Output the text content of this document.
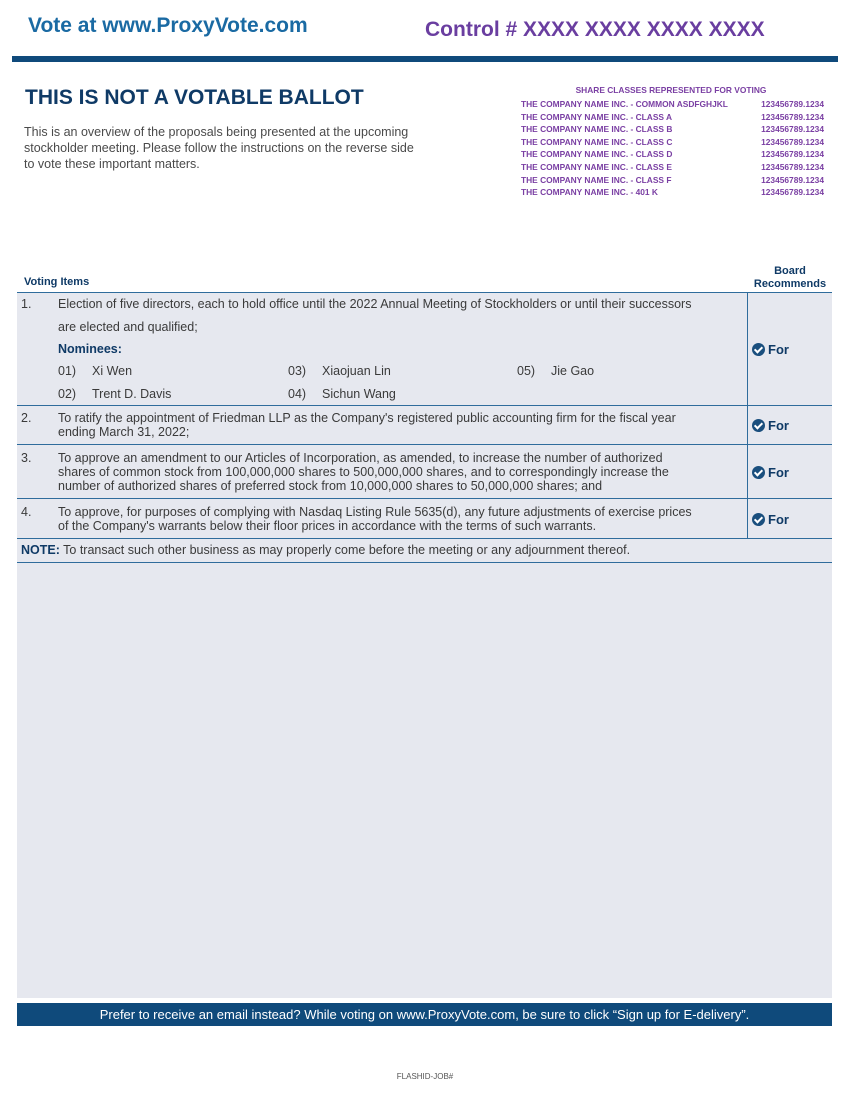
Vote at www.ProxyVote.com	Control # XXXX XXXX XXXX XXXX
THIS IS NOT A VOTABLE BALLOT

This is an overview of the proposals being presented at the upcoming stockholder meeting. Please follow the instructions on the reverse side to vote these important matters.

SHARE CLASSES REPRESENTED FOR VOTING
THE COMPANY NAME INC. - COMMON ASDFGHJKL	123456789.1234
THE COMPANY NAME INC. - CLASS A	123456789.1234
THE COMPANY NAME INC. - CLASS B	123456789.1234
THE COMPANY NAME INC. - CLASS C	123456789.1234
THE COMPANY NAME INC. - CLASS D	123456789.1234
THE COMPANY NAME INC. - CLASS E	123456789.1234
THE COMPANY NAME INC. - CLASS F	123456789.1234
THE COMPANY NAME INC. - 401 K	123456789.1234
Voting Items
Board
Recommends
1. Election of five directors, each to hold office until the 2022 Annual Meeting of Stockholders or until their successors
are elected and qualified;
Nominees:
01) Xi Wen
02) Trent D. Davis
03) Xiaojuan Lin
04) Sichun Wang
05) Jie Gao
For
2. To ratify the appointment of Friedman LLP as the Company's registered public accounting firm for the fiscal year
ending March 31, 2022;	For
3. To approve an amendment to our Articles of Incorporation, as amended, to increase the number of authorized
shares of common stock from 100,000,000 shares to 500,000,000 shares, and to correspondingly increase the
number of authorized shares of preferred stock from 10,000,000 shares to 50,000,000 shares; and
For
4. To approve, for purposes of complying with Nasdaq Listing Rule 5635(d), any future adjustments of exercise prices
of the Company's warrants below their floor prices in accordance with the terms of such warrants.	For
NOTE: To transact such other business as may properly come before the meeting or any adjournment thereof.
Prefer to receive an email instead? While voting on www.ProxyVote.com, be sure to click “Sign up for E-delivery”.
FLASHID-JOB#
